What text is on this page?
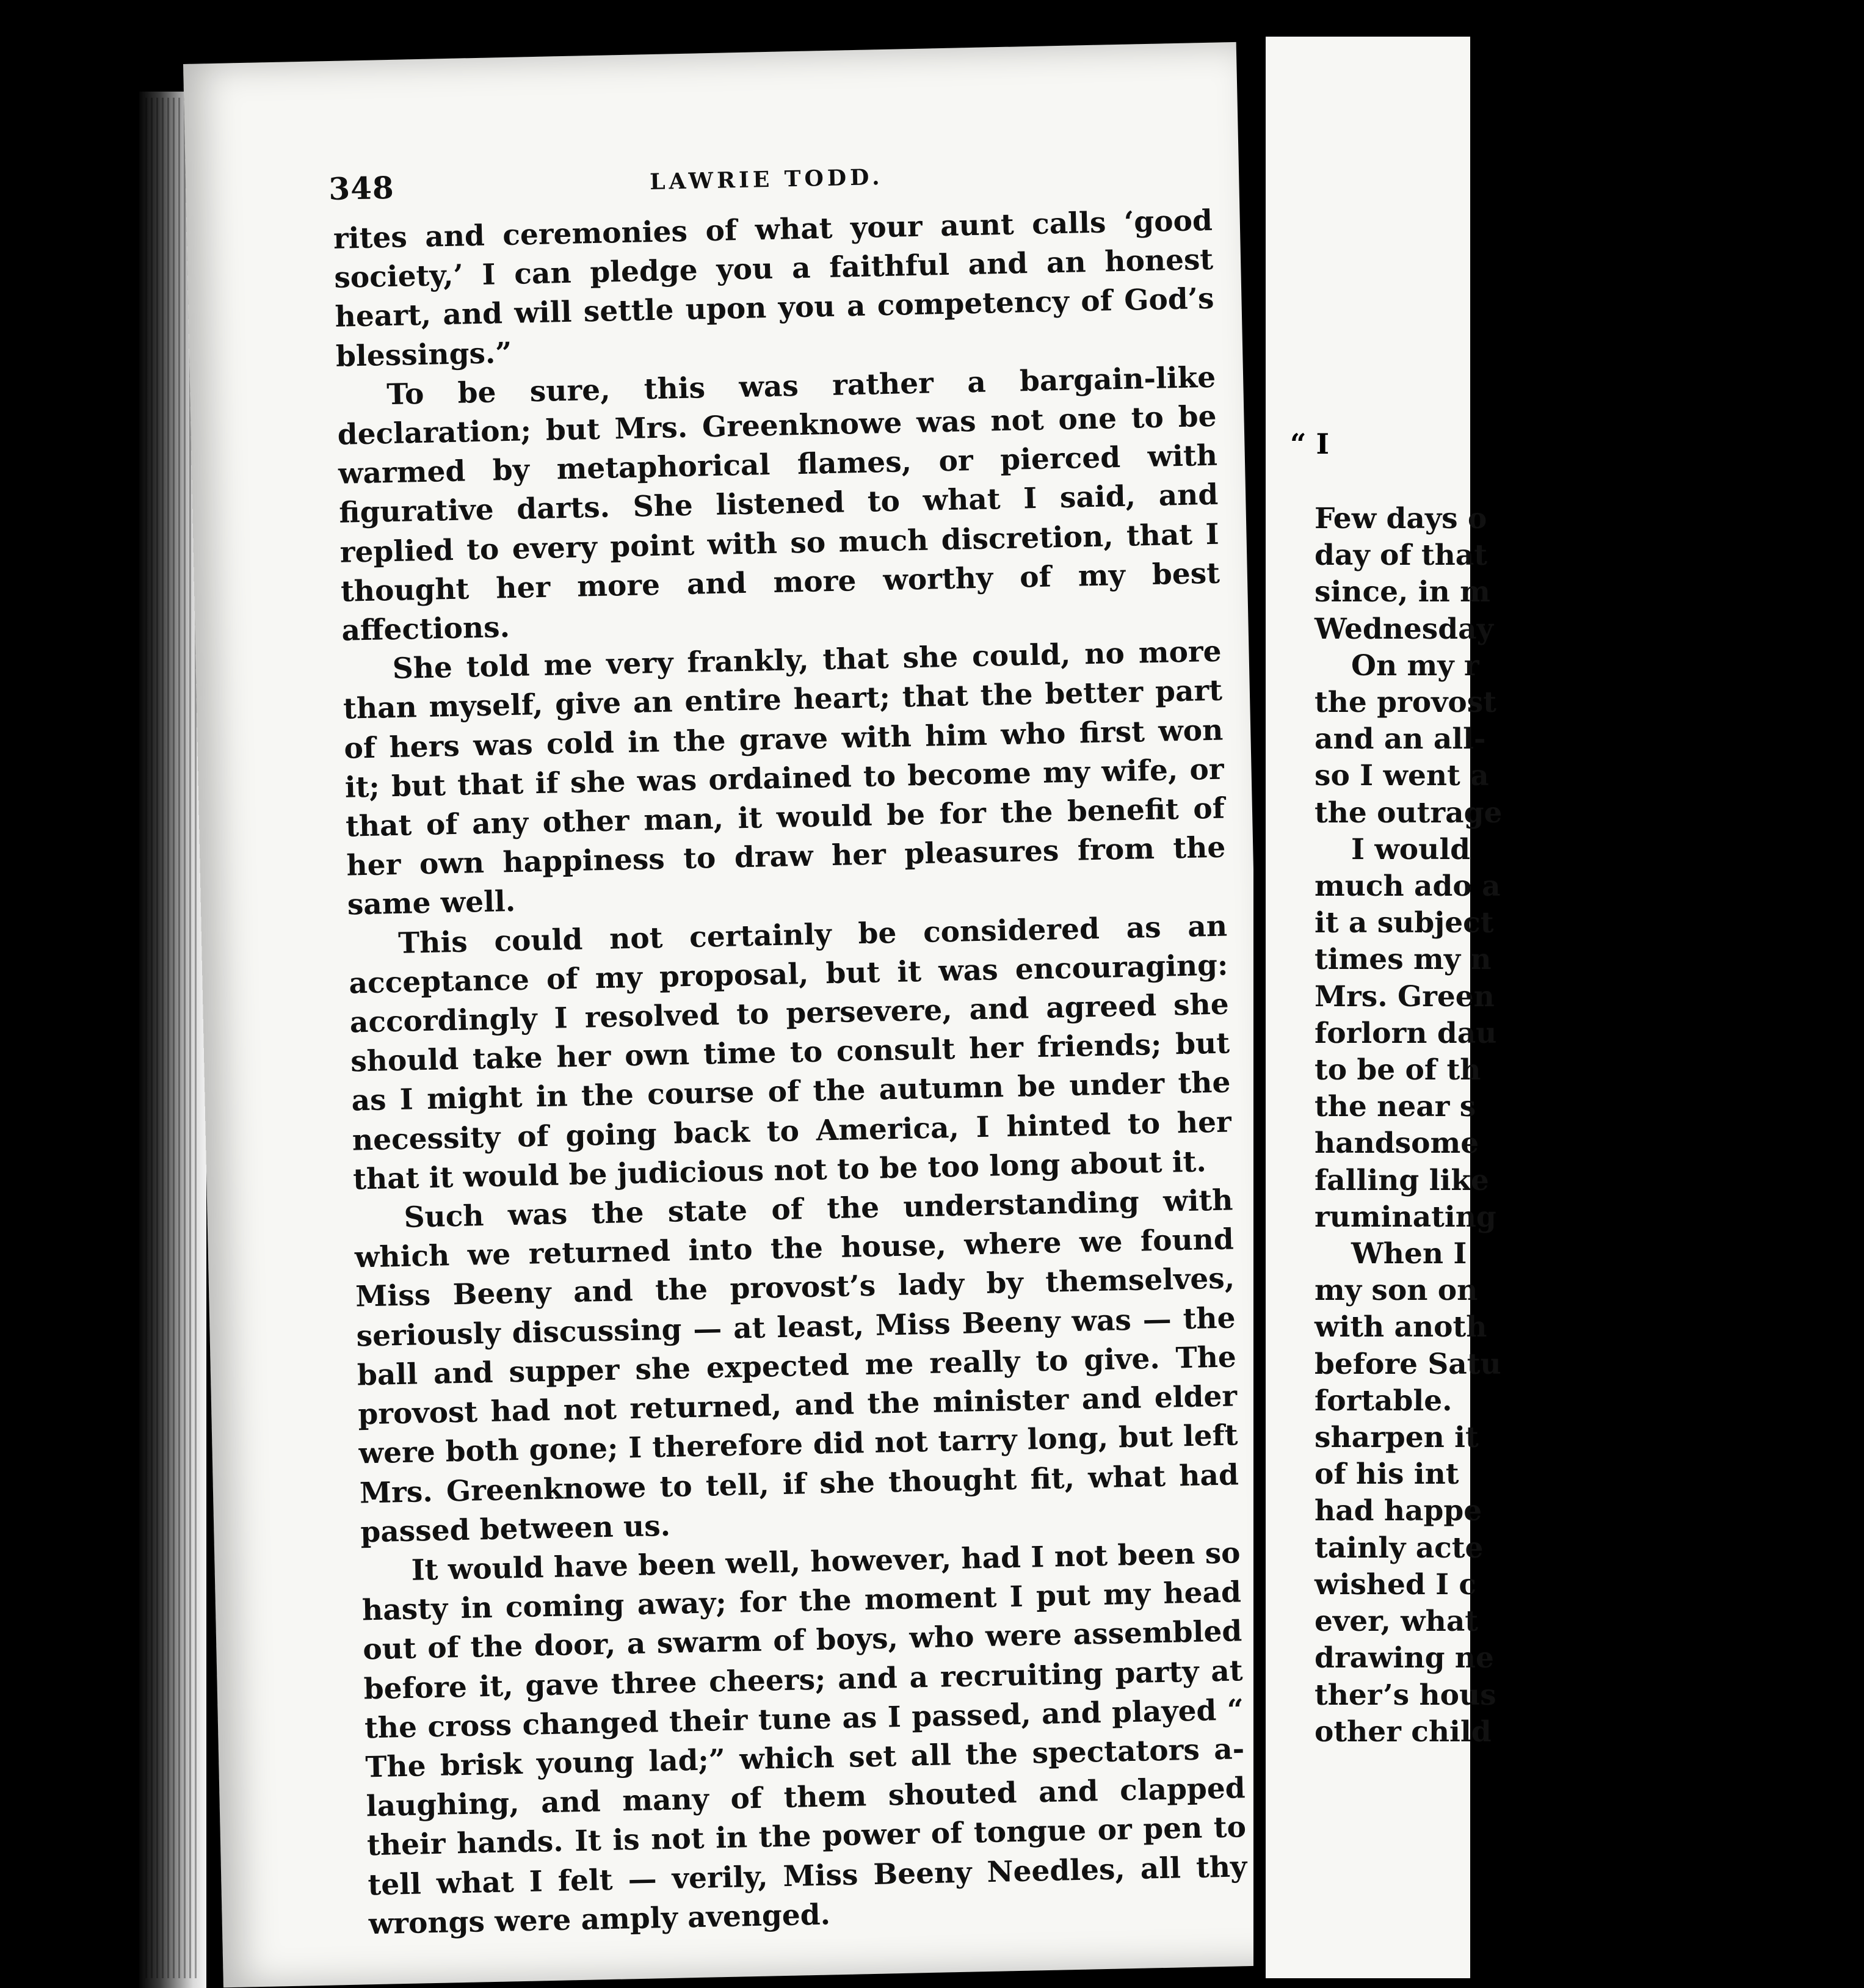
348	LAWRIE TODD.

rites and ceremonies of what your aunt calls ‘good society,’ I can pledge you a faithful and an honest heart, and will settle upon you a competency of God’s blessings.”

To be sure, this was rather a bargain-like declaration; but Mrs. Greenknowe was not one to be warmed by metaphorical flames, or pierced with figurative darts. She listened to what I said, and replied to every point with so much discretion, that I thought her more and more worthy of my best affections.

She told me very frankly, that she could, no more than myself, give an entire heart; that the better part of hers was cold in the grave with him who first won it; but that if she was ordained to become my wife, or that of any other man, it would be for the benefit of her own happiness to draw her pleasures from the same well.

This could not certainly be considered as an acceptance of my proposal, but it was encouraging: accordingly I resolved to persevere, and agreed she should take her own time to consult her friends; but as I might in the course of the autumn be under the necessity of going back to America, I hinted to her that it would be judicious not to be too long about it.

Such was the state of the understanding with which we returned into the house, where we found Miss Beeny and the provost’s lady by themselves, seriously discussing — at least, Miss Beeny was — the ball and supper she expected me really to give. The provost had not returned, and the minister and elder were both gone; I therefore did not tarry long, but left Mrs. Greenknowe to tell, if she thought fit, what had passed between us.

It would have been well, however, had I not been so hasty in coming away; for the moment I put my head out of the door, a swarm of boys, who were assembled before it, gave three cheers; and a recruiting party at the cross changed their tune as I passed, and played “ The brisk young lad;” which set all the spectators a-laughing, and many of them shouted and clapped their hands. It is not in the power of tongue or pen to tell what I felt — verily, Miss Beeny Needles, all thy wrongs were amply avenged.

“ I
Few days o
day of that
since, in m
Wednesday
On my r
the provost
and an all-
so I went a
the outrage
I would
much ado a
it a subject
times my n
Mrs. Green
forlorn dau
to be of th
the near s
handsome
falling like
ruminating
When I
my son on
with anoth
before Satu
fortable.
sharpen it
of his int
had happe
tainly acte
wished I c
ever, what
drawing ne
ther’s hous
other child
